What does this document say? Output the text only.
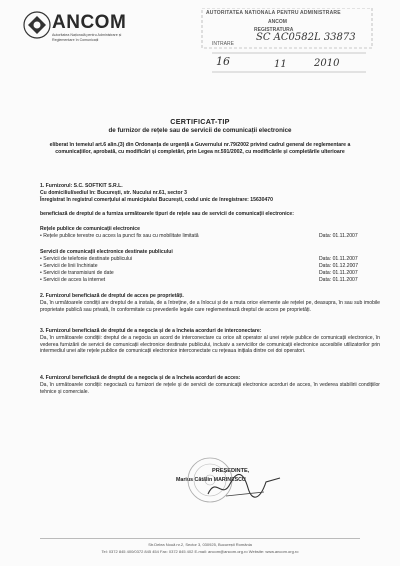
ANCOM
Autoritatea Națională pentru Administrare și Reglementare în Comunicații
AUTORITATEA NATIONALA PENTRU ADMINISTRARE
ANCOM
REGISTRATURA
INTRARE
SC AC0582L 33873
16	11	2010
CERTIFICAT-TIP
de furnizor de rețele sau de servicii de comunicații electronice
eliberat în temeiul art.6 alin.(3) din Ordonanța de urgență a Guvernului nr.79/2002 privind cadrul general de reglementare a comunicațiilor, aprobată, cu modificări și completări, prin Legea nr.591/2002, cu modificările și completările ulterioare
1. Furnizorul: S.C. SOFTKIT S.R.L.
Cu domiciliul/sediul în: București, str. Nucului nr.61, sector 3
Înregistrat în registrul comerțului al municipiului București, codul unic de înregistrare: 15630470
beneficiază de dreptul de a furniza următoarele tipuri de rețele sau de servicii de comunicații electronice:
Rețele publice de comunicații electronice
• Rețele publice terestre cu acces la punct fix sau cu mobilitate limitată	Data: 01.11.2007
Servicii de comunicații electronice destinate publicului
• Servicii de telefonie destinate publicului	Data: 01.11.2007
• Servicii de linii închiriate	Data: 01.12.2007
• Servicii de transmisiuni de date	Data: 01.11.2007
• Servicii de acces la internet	Data: 01.11.2007
2. Furnizorul beneficiază de dreptul de acces pe proprietăți.
Da, în următoarele condiții are dreptul de a instala, de a întreține, de a înlocui și de a muta orice elemente ale rețelei pe, deasupra, în sau sub imobile proprietate publică sau privată, în conformitate cu prevederile legale care reglementează dreptul de acces pe proprietăți.
3. Furnizorul beneficiază de dreptul de a negocia și de a încheia acorduri de interconectare:
Da, în următoarele condiții: dreptul de a negocia un acord de interconectare cu orice alt operator al unei rețele publice de comunicații electronice, în vederea furnizării de servicii de comunicații electronice destinate publicului, inclusiv a serviciilor de comunicații electronice accesibile utilizatorilor prin intermediul unei alte rețele publice de comunicații electronice interconectate cu rețeaua inițiala dintre cei doi operatori.
4. Furnizorul beneficiază de dreptul de a negocia și de a încheia acorduri de acces:
Da, în următoarele condiții: negociază cu furnizori de rețele și de servicii de comunicații electronice acorduri de acces, în vederea stabilirii condițiilor tehnice și comerciale.
PREȘEDINTE,
Marius Cătălin MARINESCU
Str.Delea Nouă nr.2, Sector 3, 030925, București România
Tel: 0372 845 400/0372 845 454 Fax: 0372 845 402 E-mail: ancom@ancom.org.ro Website: www.ancom.org.ro
